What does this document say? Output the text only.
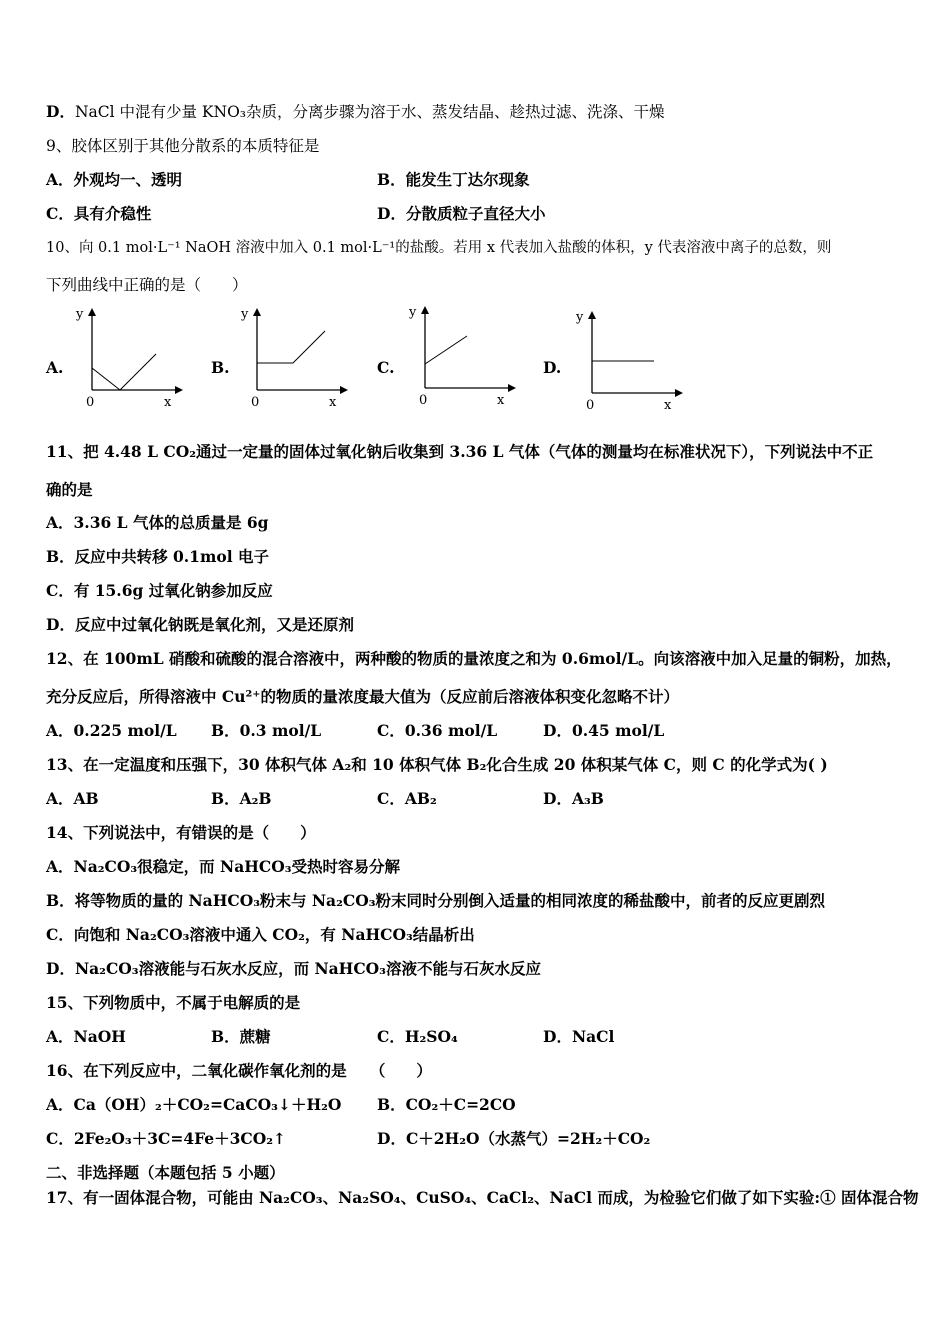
D．NaCl 中混有少量 KNO₃杂质，分离步骤为溶于水、蒸发结晶、趁热过滤、洗涤、干燥
9、胶体区别于其他分散系的本质特征是
A．外观均一、透明	B．能发生丁达尔现象
C．具有介稳性	D．分散质粒子直径大小
10、向 0.1 mol·L⁻¹ NaOH 溶液中加入 0.1 mol·L⁻¹的盐酸。若用 x 代表加入盐酸的体积，y 代表溶液中离子的总数，则
下列曲线中正确的是（　　）
A.
y
x
0
B.
y
x
0
C.
y
x
0
D.
y
x
0
11、把 4.48 L CO₂通过一定量的固体过氧化钠后收集到 3.36 L 气体（气体的测量均在标准状况下），下列说法中不正
确的是
A．3.36 L 气体的总质量是 6g
B．反应中共转移 0.1mol 电子
C．有 15.6g 过氧化钠参加反应
D．反应中过氧化钠既是氧化剂，又是还原剂
12、在 100mL 硝酸和硫酸的混合溶液中，两种酸的物质的量浓度之和为 0.6mol/L。向该溶液中加入足量的铜粉，加热，
充分反应后，所得溶液中 Cu²⁺的物质的量浓度最大值为（反应前后溶液体积变化忽略不计）
A．0.225 mol/L B．0.3 mol/L	C．0.36 mol/L	D．0.45 mol/L
13、在一定温度和压强下，30 体积气体 A₂和 10 体积气体 B₂化合生成 20 体积某气体 C，则 C 的化学式为( )
A．AB	B．A₂B	C．AB₂	D．A₃B
14、下列说法中，有错误的是（　　）
A．Na₂CO₃很稳定，而 NaHCO₃受热时容易分解
B．将等物质的量的 NaHCO₃粉末与 Na₂CO₃粉末同时分别倒入适量的相同浓度的稀盐酸中，前者的反应更剧烈
C．向饱和 Na₂CO₃溶液中通入 CO₂，有 NaHCO₃结晶析出
D．Na₂CO₃溶液能与石灰水反应，而 NaHCO₃溶液不能与石灰水反应
15、下列物质中，不属于电解质的是
A．NaOH	B．蔗糖	C．H₂SO₄	D．NaCl
16、在下列反应中，二氧化碳作氧化剂的是　　（　　）
A．Ca（OH）₂＋CO₂=CaCO₃↓＋H₂O B．CO₂＋C=2CO
C．2Fe₂O₃＋3C=4Fe＋3CO₂↑	D．C＋2H₂O（水蒸气）=2H₂＋CO₂
二、非选择题（本题包括 5 小题）
17、有一固体混合物，可能由 Na₂CO₃、Na₂SO₄、CuSO₄、CaCl₂、NaCl 而成，为检验它们做了如下实验:① 固体混合物
